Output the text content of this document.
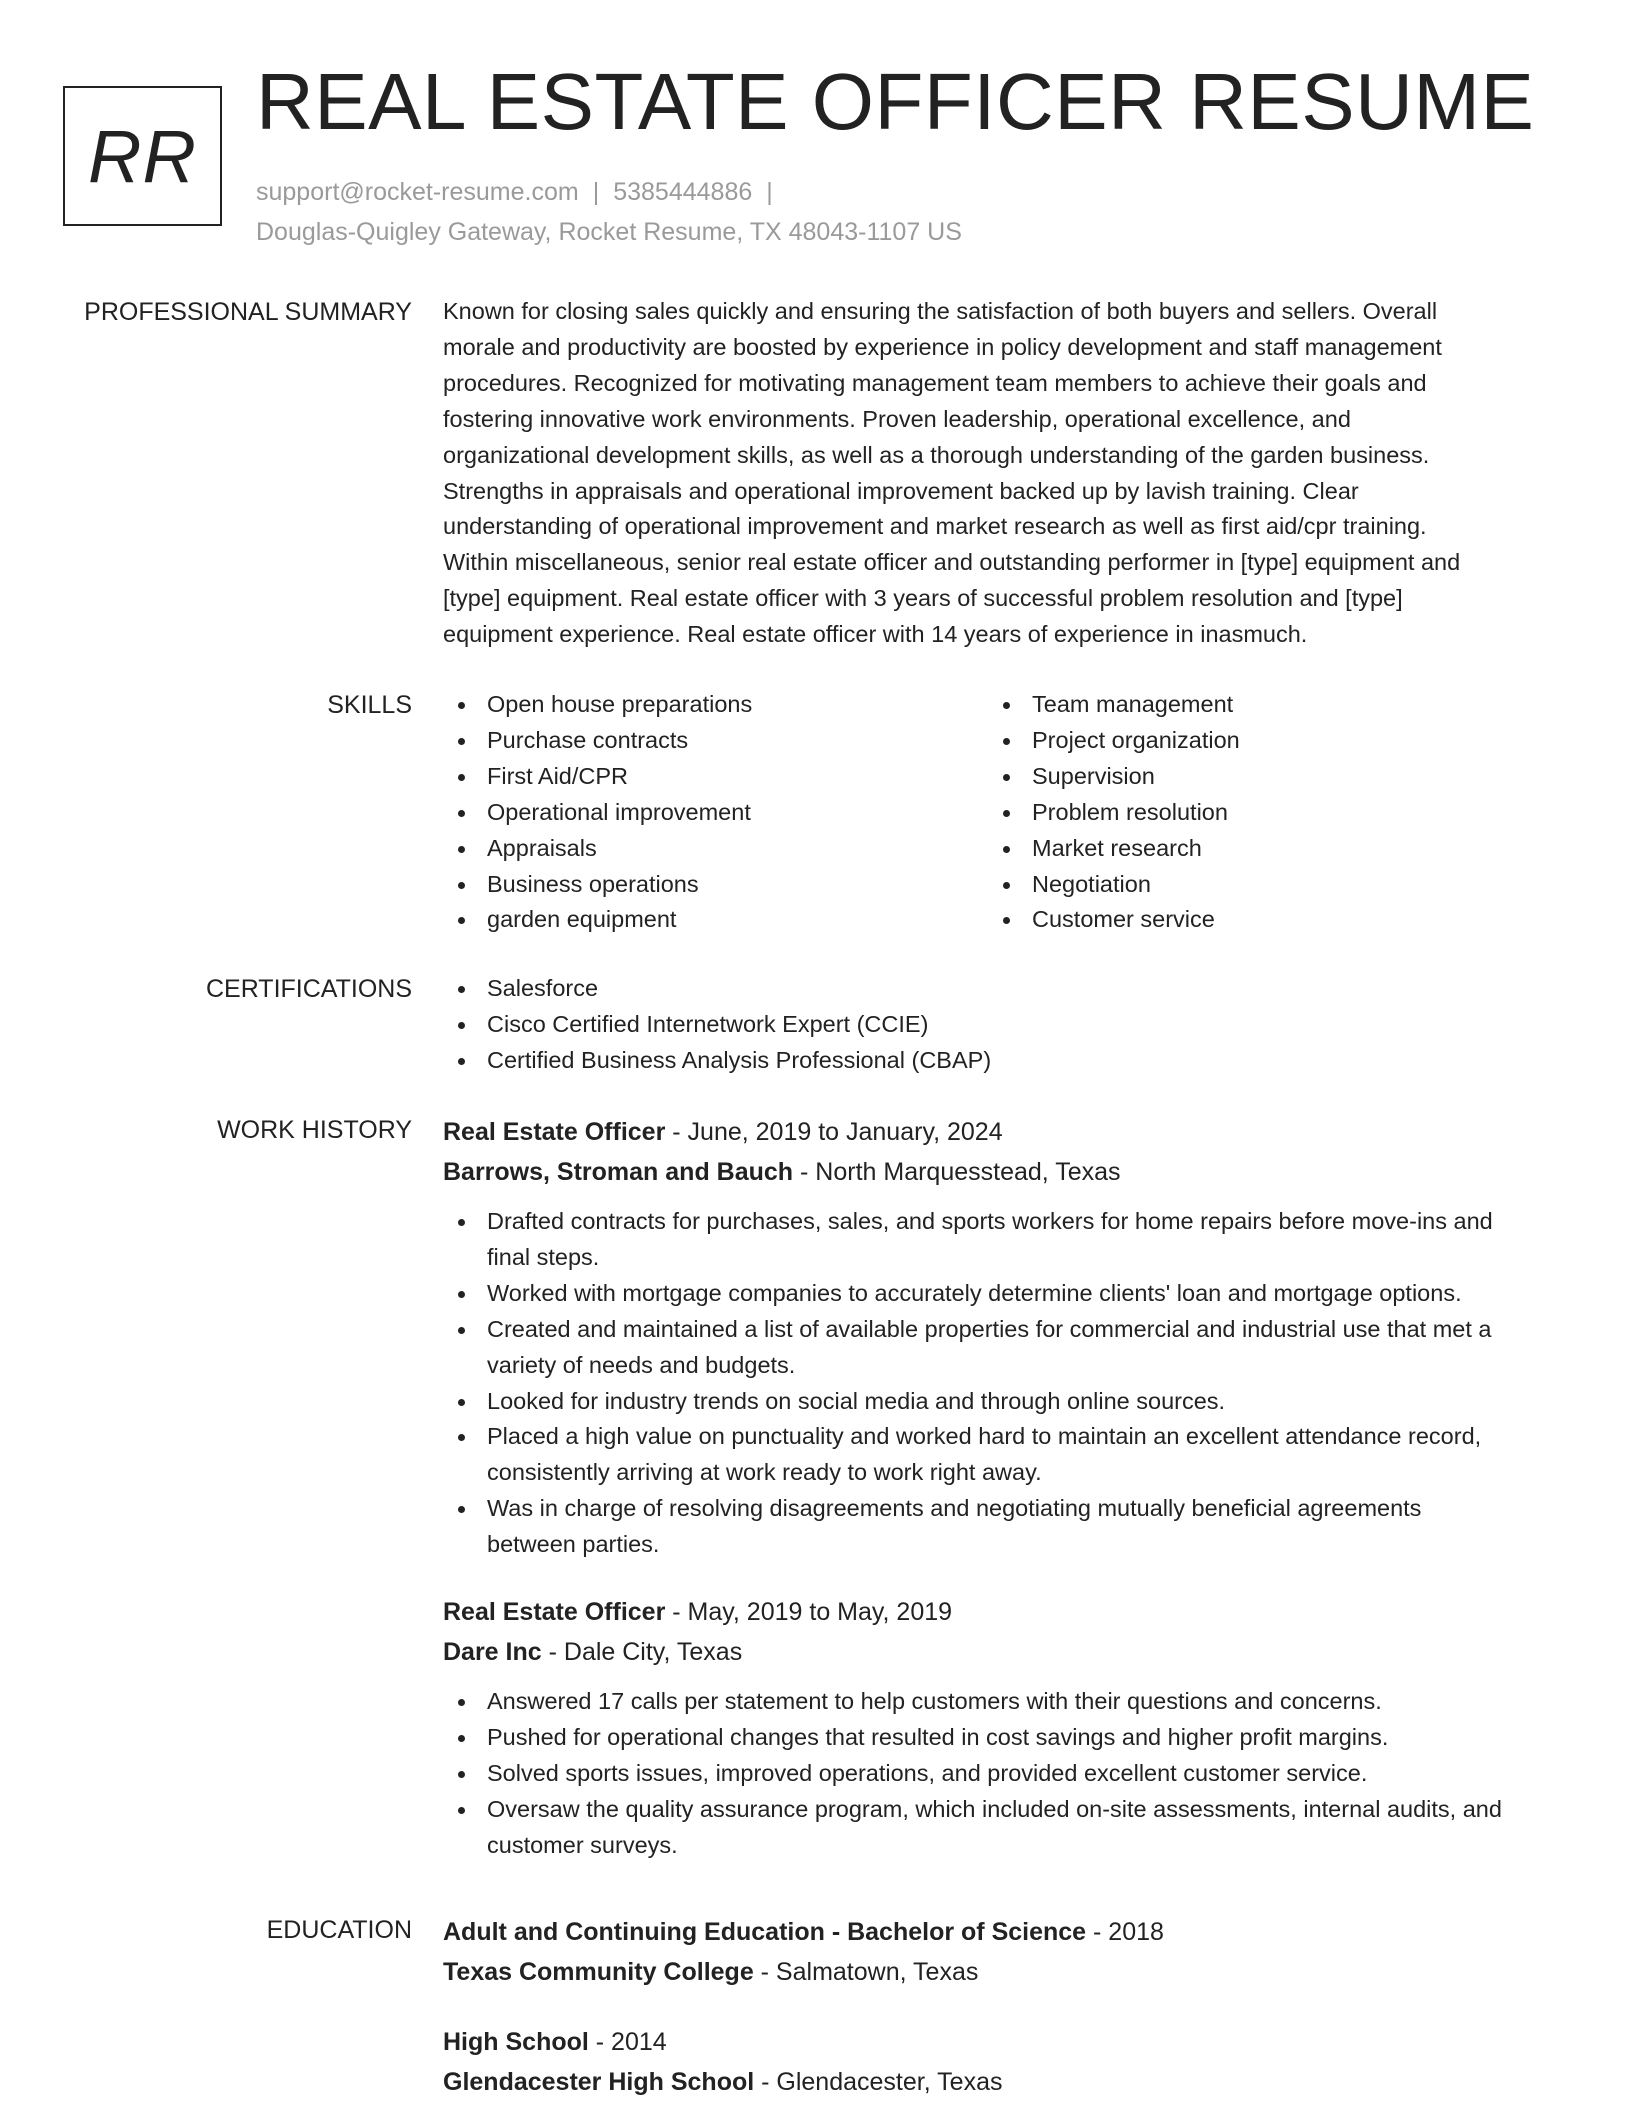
RR
REAL ESTATE OFFICER RESUME
support@rocket-resume.com | 5385444886 |
Douglas-Quigley Gateway, Rocket Resume, TX 48043-1107 US
PROFESSIONAL SUMMARY Known for closing sales quickly and ensuring the satisfaction of both buyers and sellers. Overall
morale and productivity are boosted by experience in policy development and staff management
procedures. Recognized for motivating management team members to achieve their goals and
fostering innovative work environments. Proven leadership, operational excellence, and
organizational development skills, as well as a thorough understanding of the garden business.
Strengths in appraisals and operational improvement backed up by lavish training. Clear
understanding of operational improvement and market research as well as first aid/cpr training.
Within miscellaneous, senior real estate officer and outstanding performer in [type] equipment and
[type] equipment. Real estate officer with 3 years of successful problem resolution and [type]
equipment experience. Real estate officer with 14 years of experience in inasmuch.
SKILLS	Open house preparations
Purchase contracts
First Aid/CPR
Operational improvement
Appraisals
Business operations
garden equipment
Team management
Project organization
Supervision
Problem resolution
Market research
Negotiation
Customer service
CERTIFICATIONS	Salesforce
Cisco Certified Internetwork Expert (CCIE)
Certified Business Analysis Professional (CBAP)
WORK HISTORY Real Estate Officer - June, 2019 to January, 2024
Barrows, Stroman and Bauch - North Marquesstead, Texas
Drafted contracts for purchases, sales, and sports workers for home repairs before move-ins and
final steps.
Worked with mortgage companies to accurately determine clients' loan and mortgage options.
Created and maintained a list of available properties for commercial and industrial use that met a
variety of needs and budgets.
Looked for industry trends on social media and through online sources.
Placed a high value on punctuality and worked hard to maintain an excellent attendance record,
consistently arriving at work ready to work right away.
Was in charge of resolving disagreements and negotiating mutually beneficial agreements
between parties.
Real Estate Officer - May, 2019 to May, 2019
Dare Inc - Dale City, Texas
Answered 17 calls per statement to help customers with their questions and concerns.
Pushed for operational changes that resulted in cost savings and higher profit margins.
Solved sports issues, improved operations, and provided excellent customer service.
Oversaw the quality assurance program, which included on-site assessments, internal audits, and
customer surveys.
EDUCATION Adult and Continuing Education - Bachelor of Science - 2018
Texas Community College - Salmatown, Texas
High School - 2014
Glendacester High School - Glendacester, Texas
